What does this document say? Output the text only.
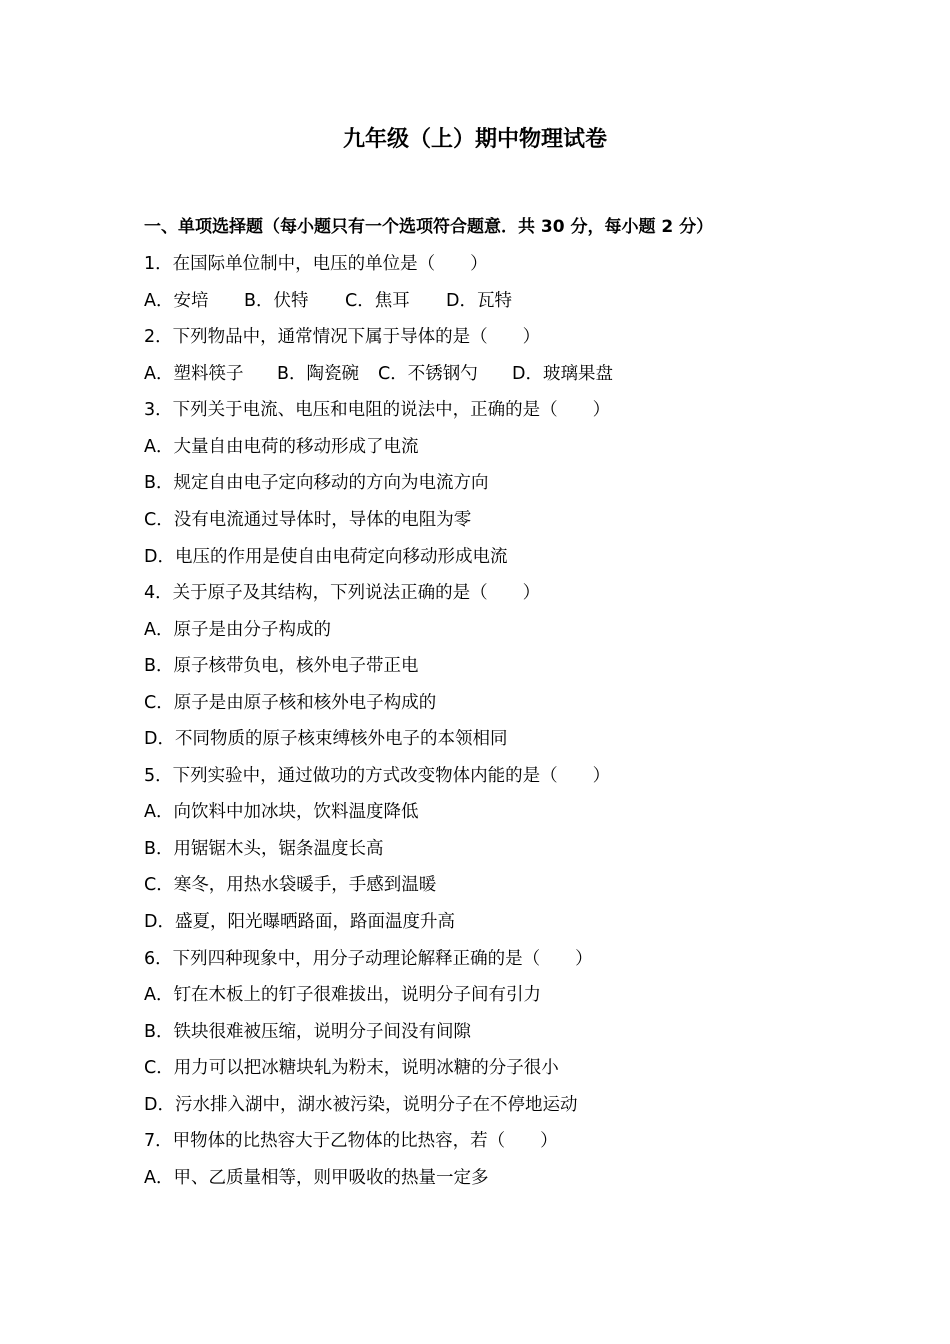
九年级（上）期中物理试卷
一、单项选择题（每小题只有一个选项符合题意．共 30 分，每小题 2 分）
1．在国际单位制中，电压的单位是（　　）
A．安培 B．伏特 C．焦耳 D．瓦特
2．下列物品中，通常情况下属于导体的是（　　）
A．塑料筷子 B．陶瓷碗 C．不锈钢勺 D．玻璃果盘
3．下列关于电流、电压和电阻的说法中，正确的是（　　）
A．大量自由电荷的移动形成了电流
B．规定自由电子定向移动的方向为电流方向
C．没有电流通过导体时，导体的电阻为零
D．电压的作用是使自由电荷定向移动形成电流
4．关于原子及其结构，下列说法正确的是（　　）
A．原子是由分子构成的
B．原子核带负电，核外电子带正电
C．原子是由原子核和核外电子构成的
D．不同物质的原子核束缚核外电子的本领相同
5．下列实验中，通过做功的方式改变物体内能的是（　　）
A．向饮料中加冰块，饮料温度降低
B．用锯锯木头，锯条温度长高
C．寒冬，用热水袋暖手，手感到温暖
D．盛夏，阳光曝晒路面，路面温度升高
6．下列四种现象中，用分子动理论解释正确的是（　　）
A．钉在木板上的钉子很难拔出，说明分子间有引力
B．铁块很难被压缩，说明分子间没有间隙
C．用力可以把冰糖块轧为粉末，说明冰糖的分子很小
D．污水排入湖中，湖水被污染，说明分子在不停地运动
7．甲物体的比热容大于乙物体的比热容，若（　　）
A．甲、乙质量相等，则甲吸收的热量一定多
